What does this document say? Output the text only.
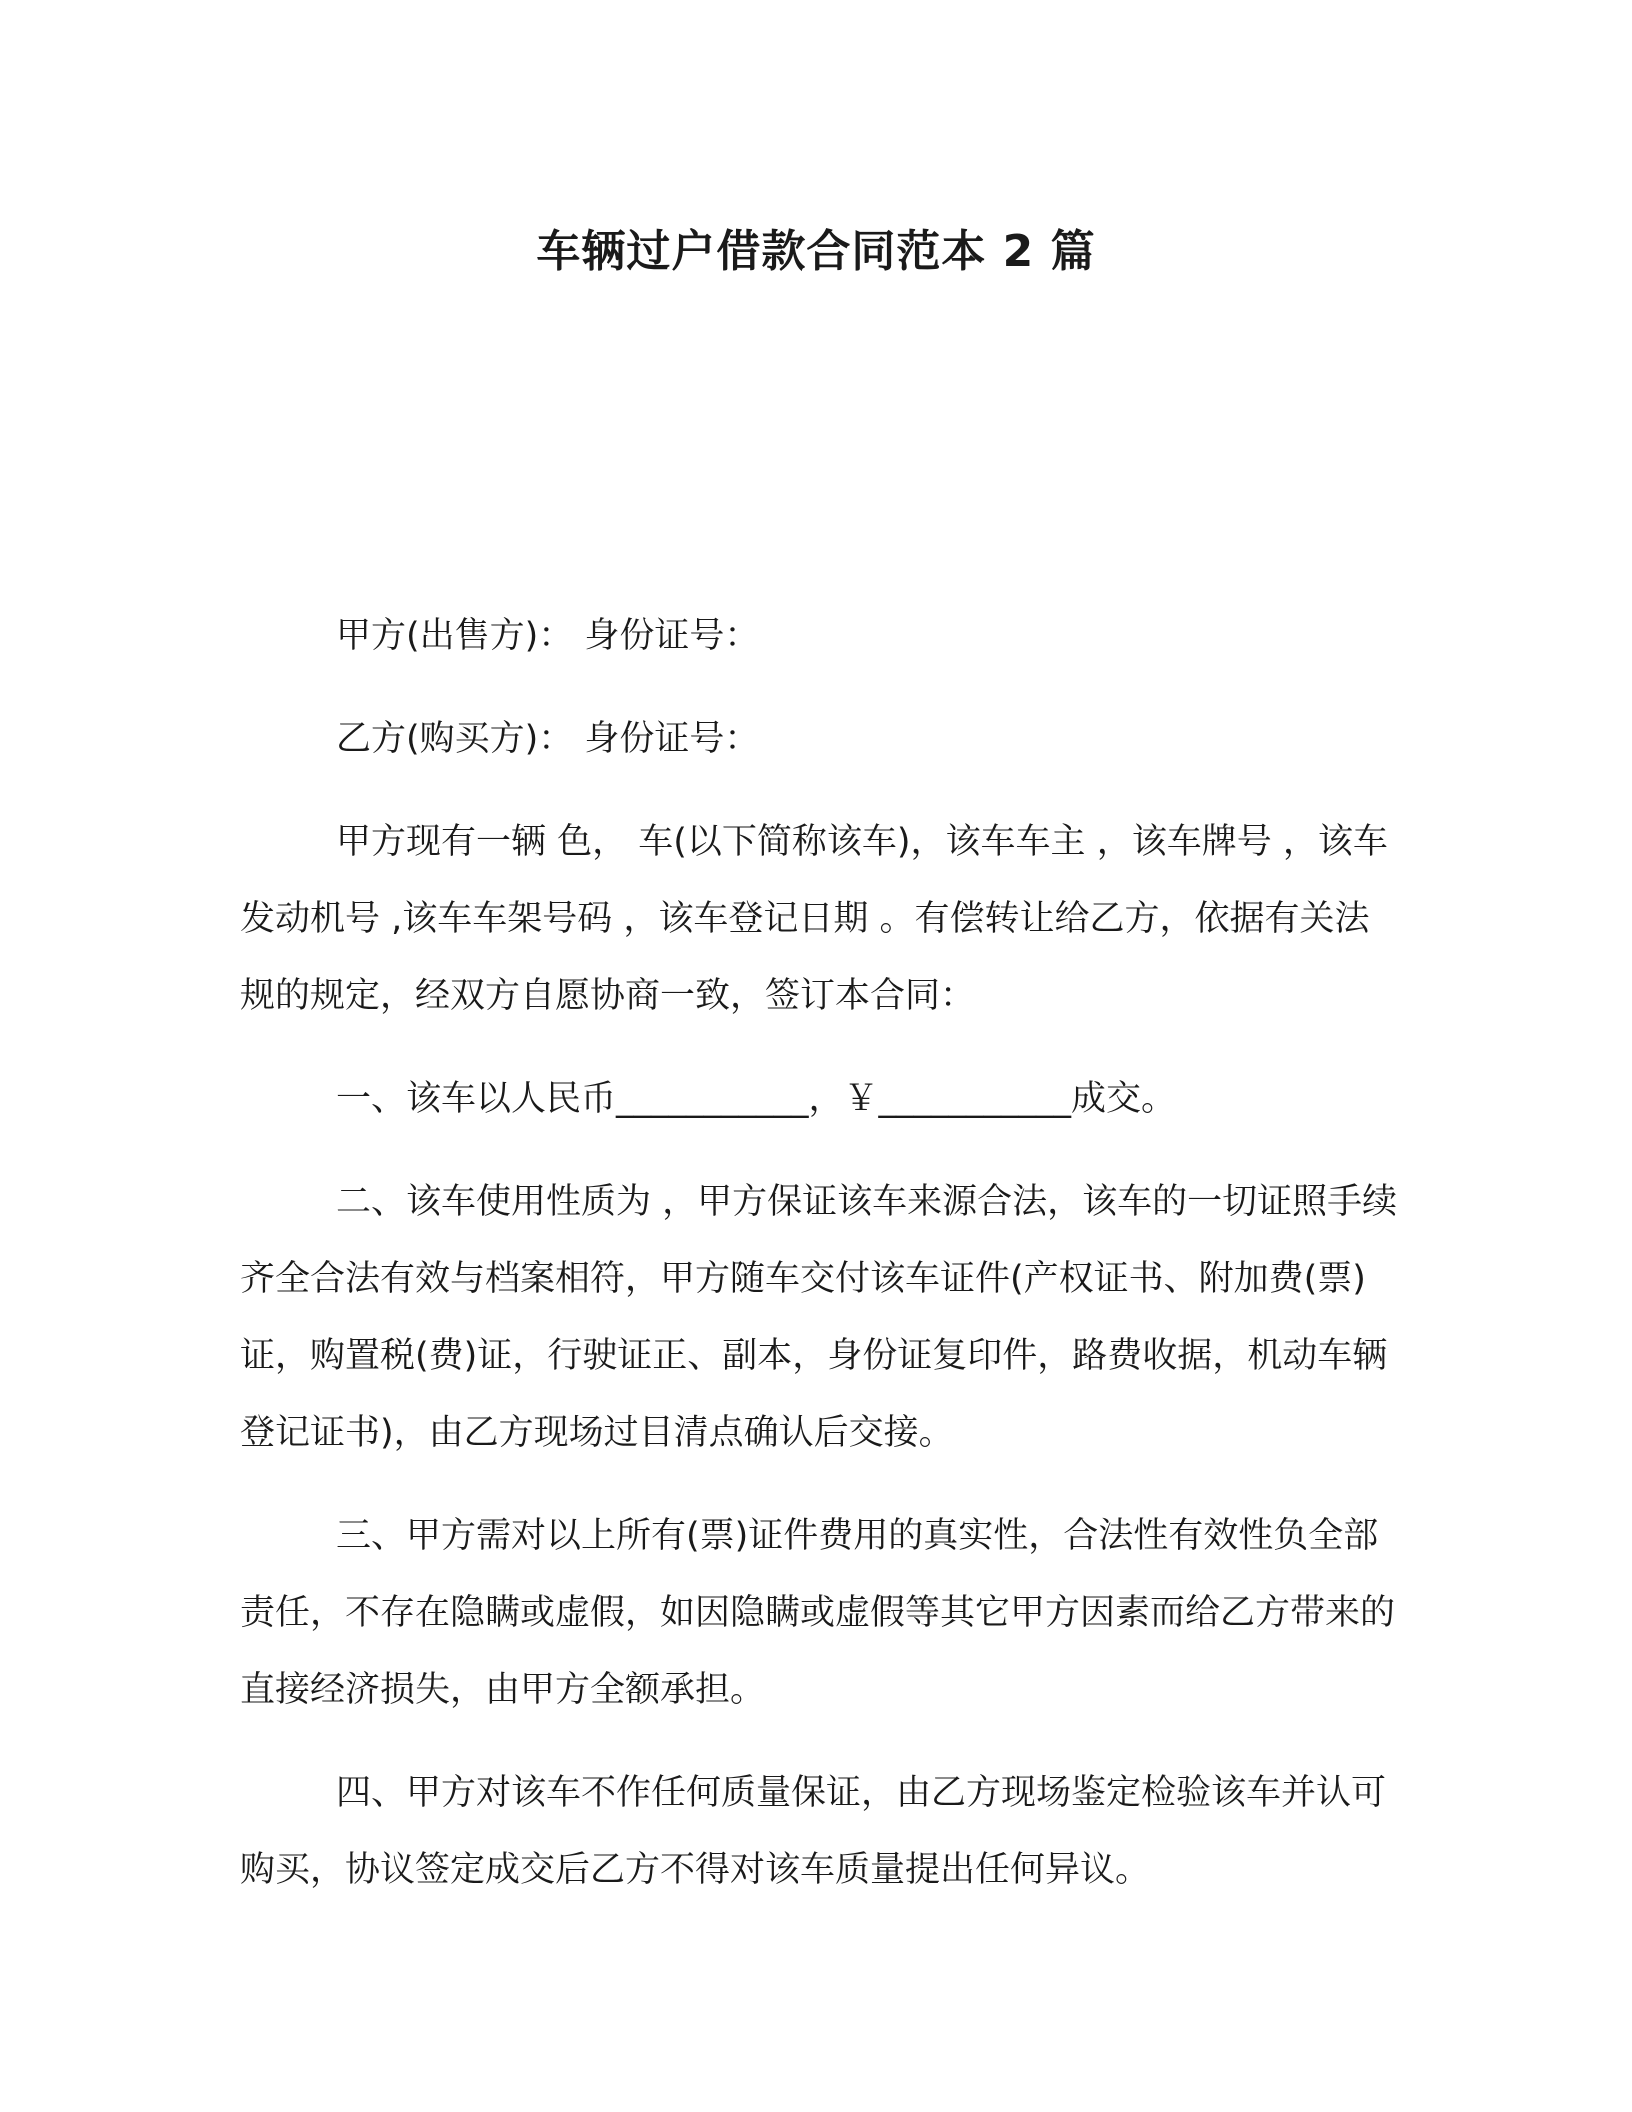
车辆过户借款合同范本 2 篇

甲方(出售方)： 身份证号：

乙方(购买方)： 身份证号：

甲方现有一辆 色， 车(以下简称该车)，该车车主 ，该车牌号 ，该车发动机号 ,该车车架号码 ，该车登记日期 。有偿转让给乙方，依据有关法规的规定，经双方自愿协商一致，签订本合同：

一、该车以人民币___________，￥___________成交。

二、该车使用性质为 ，甲方保证该车来源合法，该车的一切证照手续齐全合法有效与档案相符，甲方随车交付该车证件(产权证书、附加费(票)证，购置税(费)证，行驶证正、副本，身份证复印件，路费收据，机动车辆登记证书)，由乙方现场过目清点确认后交接。

三、甲方需对以上所有(票)证件费用的真实性，合法性有效性负全部责任，不存在隐瞒或虚假，如因隐瞒或虚假等其它甲方因素而给乙方带来的直接经济损失，由甲方全额承担。

四、甲方对该车不作任何质量保证，由乙方现场鉴定检验该车并认可购买，协议签定成交后乙方不得对该车质量提出任何异议。
